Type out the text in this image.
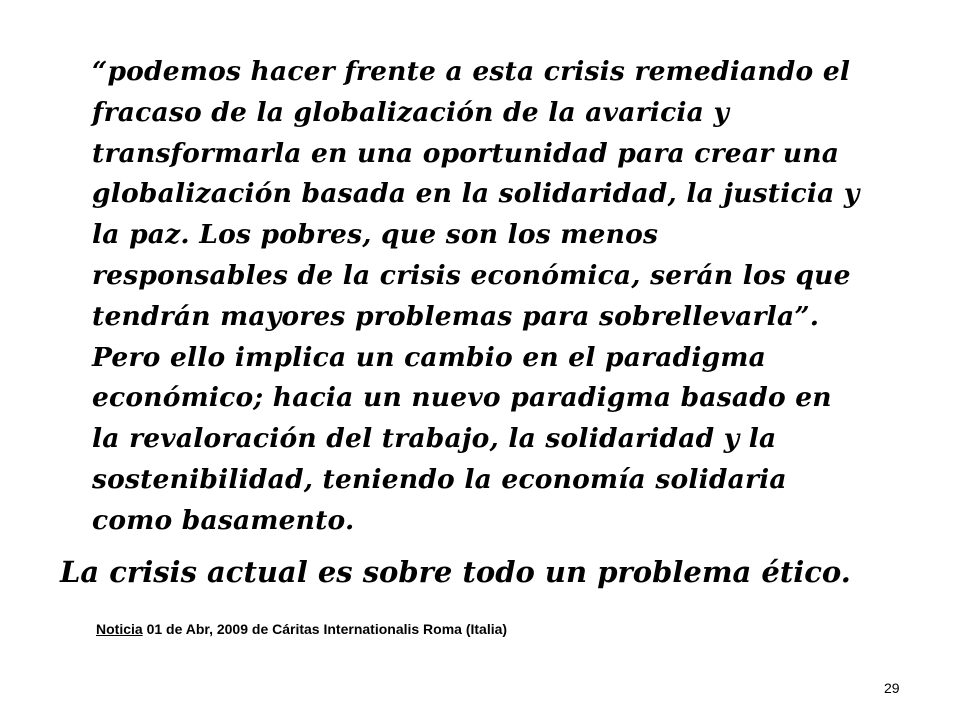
“podemos hacer frente a esta crisis remediando el
fracaso de la globalización de la avaricia y
transformarla en una oportunidad para crear una
globalización basada en la solidaridad, la justicia y
la paz. Los pobres, que son los menos
responsables de la crisis económica, serán los que
tendrán mayores problemas para sobrellevarla”.
Pero ello implica un cambio en el paradigma
económico; hacia un nuevo paradigma basado en
la revaloración del trabajo, la solidaridad y la
sostenibilidad, teniendo la economía solidaria
como basamento.
La crisis actual es sobre todo un problema ético.
Noticia 01 de Abr, 2009 de Cáritas Internationalis Roma (Italia)
29
